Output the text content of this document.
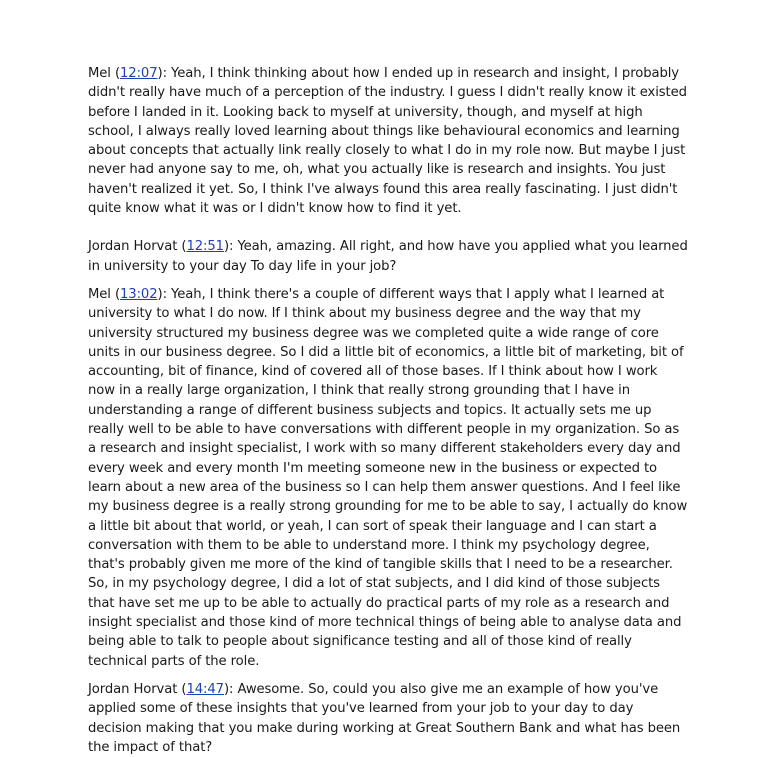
Mel (12:07): Yeah, I think thinking about how I ended up in research and insight, I probably didn't really have much of a perception of the industry. I guess I didn't really know it existed before I landed in it. Looking back to myself at university, though, and myself at high school, I always really loved learning about things like behavioural economics and learning about concepts that actually link really closely to what I do in my role now. But maybe I just never had anyone say to me, oh, what you actually like is research and insights. You just haven't realized it yet. So, I think I've always found this area really fascinating. I just didn't quite know what it was or I didn't know how to find it yet.

Jordan Horvat (12:51): Yeah, amazing. All right, and how have you applied what you learned in university to your day To day life in your job?

Mel (13:02): Yeah, I think there's a couple of different ways that I apply what I learned at university to what I do now. If I think about my business degree and the way that my university structured my business degree was we completed quite a wide range of core units in our business degree. So I did a little bit of economics, a little bit of marketing, bit of accounting, bit of finance, kind of covered all of those bases. If I think about how I work now in a really large organization, I think that really strong grounding that I have in understanding a range of different business subjects and topics. It actually sets me up really well to be able to have conversations with different people in my organization. So as a research and insight specialist, I work with so many different stakeholders every day and every week and every month I'm meeting someone new in the business or expected to learn about a new area of the business so I can help them answer questions. And I feel like my business degree is a really strong grounding for me to be able to say, I actually do know a little bit about that world, or yeah, I can sort of speak their language and I can start a conversation with them to be able to understand more. I think my psychology degree, that's probably given me more of the kind of tangible skills that I need to be a researcher. So, in my psychology degree, I did a lot of stat subjects, and I did kind of those subjects that have set me up to be able to actually do practical parts of my role as a research and insight specialist and those kind of more technical things of being able to analyse data and being able to talk to people about significance testing and all of those kind of really technical parts of the role.

Jordan Horvat (14:47): Awesome. So, could you also give me an example of how you've applied some of these insights that you've learned from your job to your day to day decision making that you make during working at Great Southern Bank and what has been the impact of that?
